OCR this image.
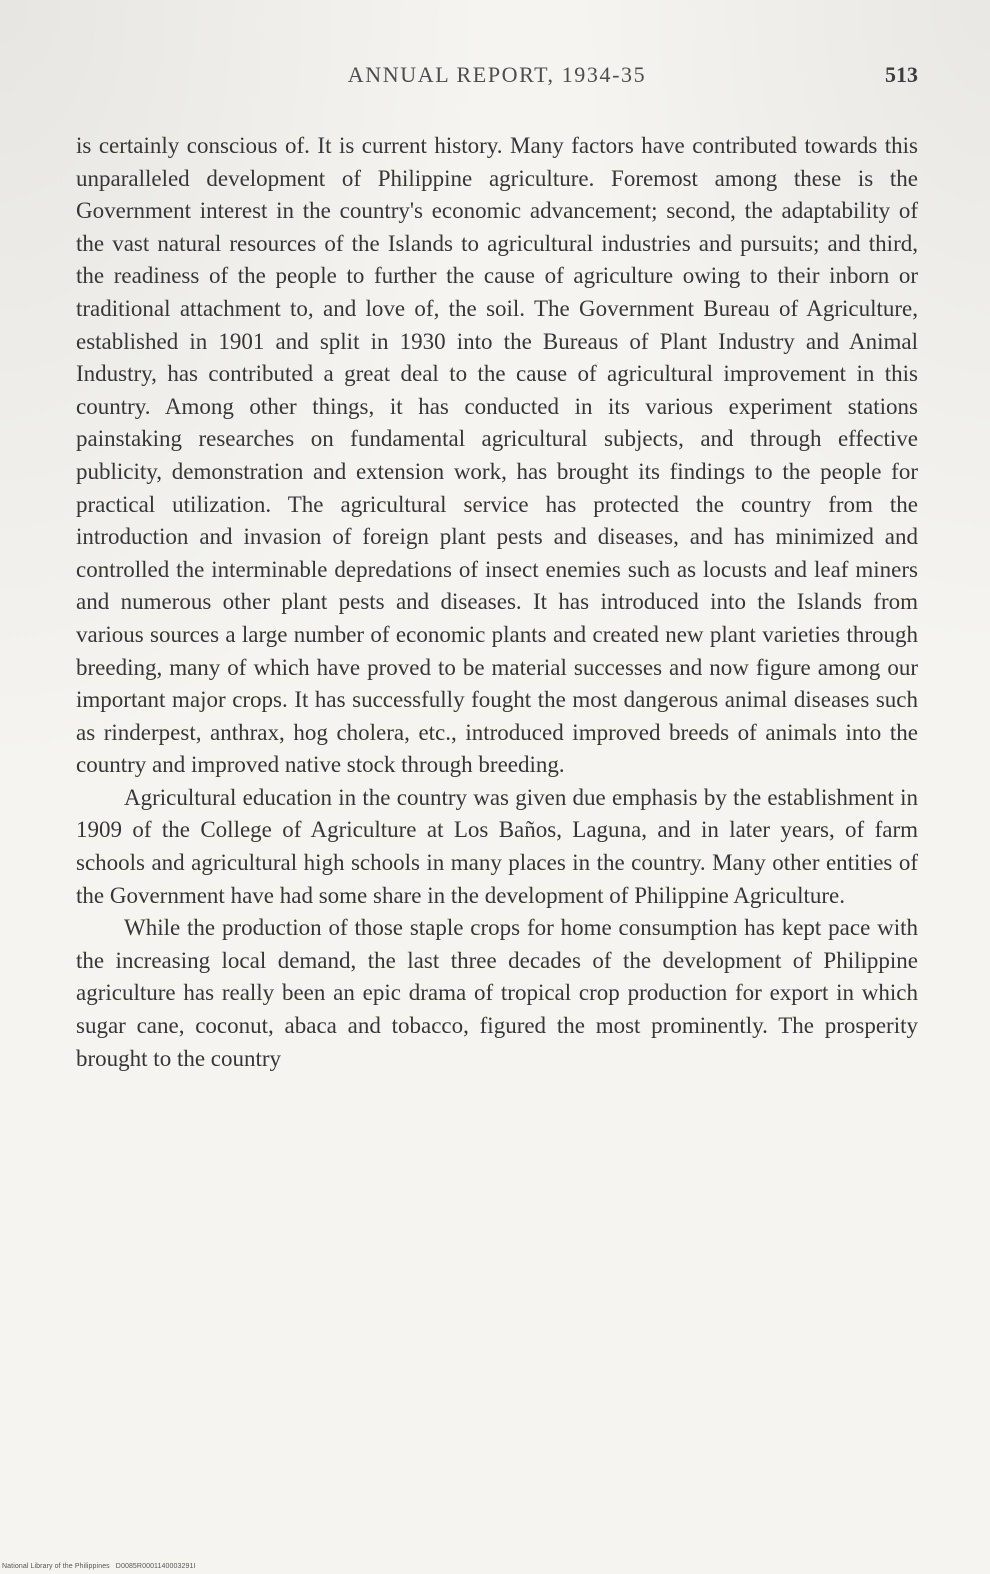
ANNUAL REPORT, 1934-35	513

is certainly conscious of. It is current history. Many factors have contributed towards this unparalleled development of Philippine agriculture. Foremost among these is the Government interest in the country's economic advancement; second, the adaptability of the vast natural resources of the Islands to agricultural industries and pursuits; and third, the readiness of the people to further the cause of agriculture owing to their inborn or traditional attachment to, and love of, the soil. The Government Bureau of Agriculture, established in 1901 and split in 1930 into the Bureaus of Plant Industry and Animal Industry, has contributed a great deal to the cause of agricultural improvement in this country. Among other things, it has conducted in its various experiment stations painstaking researches on fundamental agricultural subjects, and through effective publicity, demonstration and extension work, has brought its findings to the people for practical utilization. The agricultural service has protected the country from the introduction and invasion of foreign plant pests and diseases, and has minimized and controlled the interminable depredations of insect enemies such as locusts and leaf miners and numerous other plant pests and diseases. It has introduced into the Islands from various sources a large number of economic plants and created new plant varieties through breeding, many of which have proved to be material successes and now figure among our important major crops. It has successfully fought the most dangerous animal diseases such as rinderpest, anthrax, hog cholera, etc., introduced improved breeds of animals into the country and improved native stock through breeding.

Agricultural education in the country was given due emphasis by the establishment in 1909 of the College of Agriculture at Los Baños, Laguna, and in later years, of farm schools and agricultural high schools in many places in the country. Many other entities of the Government have had some share in the development of Philippine Agriculture.

While the production of those staple crops for home consumption has kept pace with the increasing local demand, the last three decades of the development of Philippine agriculture has really been an epic drama of tropical crop production for export in which sugar cane, coconut, abaca and tobacco, figured the most prominently. The prosperity brought to the country

National Library of the Philippines D0085R0001140003291I
